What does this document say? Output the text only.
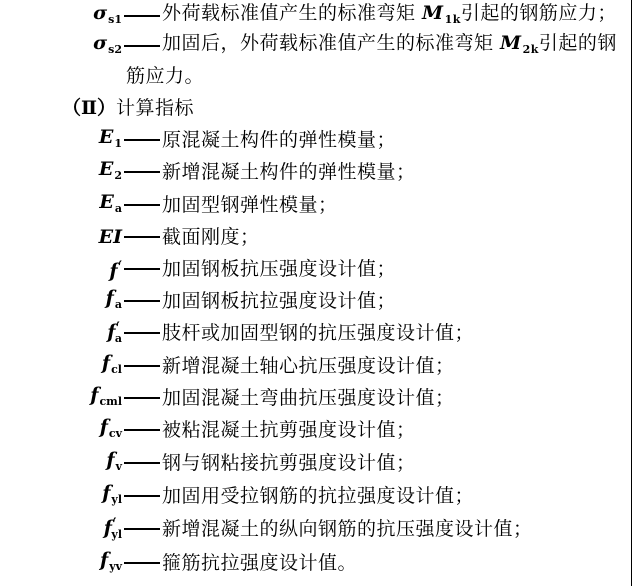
$\sigma_{s1}$ 外荷载标准值产生的标准弯矩 $M_{1k}$引起的钢筋应力；
$\sigma_{s2}$ 加固后，外荷载标准值产生的标准弯矩 $M_{2k}$引起的钢
筋应力。
（Ⅱ） 计算指标
$E_1$ 原混凝土构件的弹性模量；
$E_2$ 新增混凝土构件的弹性模量；
$E_a$ 加固型钢弹性模量；
EI 截面刚度；
f′ 加固钢板抗压强度设计值；
$f_a$ 加固钢板抗拉强度设计值；
$f'_a$ 肢杆或加固型钢的抗压强度设计值；
$f_{cl}$ 新增混凝土轴心抗压强度设计值；
$f_{cml}$ 加固混凝土弯曲抗压强度设计值；
$f_{cv}$ 被粘混凝土抗剪强度设计值；
$f_v$ 钢与钢粘接抗剪强度设计值；
$f_{yl}$ 加固用受拉钢筋的抗拉强度设计值；
$f'_{yl}$ 新增混凝土的纵向钢筋的抗压强度设计值；
$f_{yv}$ 箍筋抗拉强度设计值。
